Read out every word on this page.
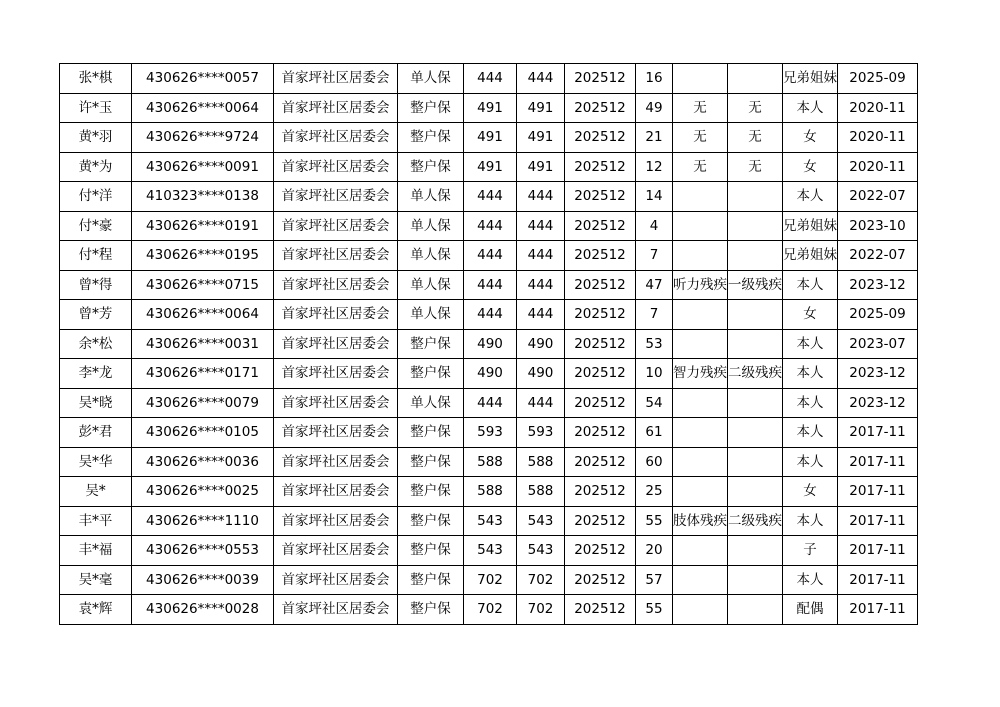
张*棋	430626****0057	首家坪社区居委会	单人保	444	444	202512	16			兄弟姐妹	2025-09
许*玉	430626****0064	首家坪社区居委会	整户保	491	491	202512	49	无	无	本人	2020-11
黄*羽	430626****9724	首家坪社区居委会	整户保	491	491	202512	21	无	无	女	2020-11
黄*为	430626****0091	首家坪社区居委会	整户保	491	491	202512	12	无	无	女	2020-11
付*洋	410323****0138	首家坪社区居委会	单人保	444	444	202512	14			本人	2022-07
付*豪	430626****0191	首家坪社区居委会	单人保	444	444	202512	4			兄弟姐妹	2023-10
付*程	430626****0195	首家坪社区居委会	单人保	444	444	202512	7			兄弟姐妹	2022-07
曾*得	430626****0715	首家坪社区居委会	单人保	444	444	202512	47	听力残疾	一级残疾	本人	2023-12
曾*芳	430626****0064	首家坪社区居委会	单人保	444	444	202512	7			女	2025-09
余*松	430626****0031	首家坪社区居委会	整户保	490	490	202512	53			本人	2023-07
李*龙	430626****0171	首家坪社区居委会	整户保	490	490	202512	10	智力残疾	二级残疾	本人	2023-12
吴*晓	430626****0079	首家坪社区居委会	单人保	444	444	202512	54			本人	2023-12
彭*君	430626****0105	首家坪社区居委会	整户保	593	593	202512	61			本人	2017-11
吴*华	430626****0036	首家坪社区居委会	整户保	588	588	202512	60			本人	2017-11
吴*	430626****0025	首家坪社区居委会	整户保	588	588	202512	25			女	2017-11
丰*平	430626****1110	首家坪社区居委会	整户保	543	543	202512	55	肢体残疾	二级残疾	本人	2017-11
丰*福	430626****0553	首家坪社区居委会	整户保	543	543	202512	20			子	2017-11
吴*毫	430626****0039	首家坪社区居委会	整户保	702	702	202512	57			本人	2017-11
袁*辉	430626****0028	首家坪社区居委会	整户保	702	702	202512	55			配偶	2017-11
